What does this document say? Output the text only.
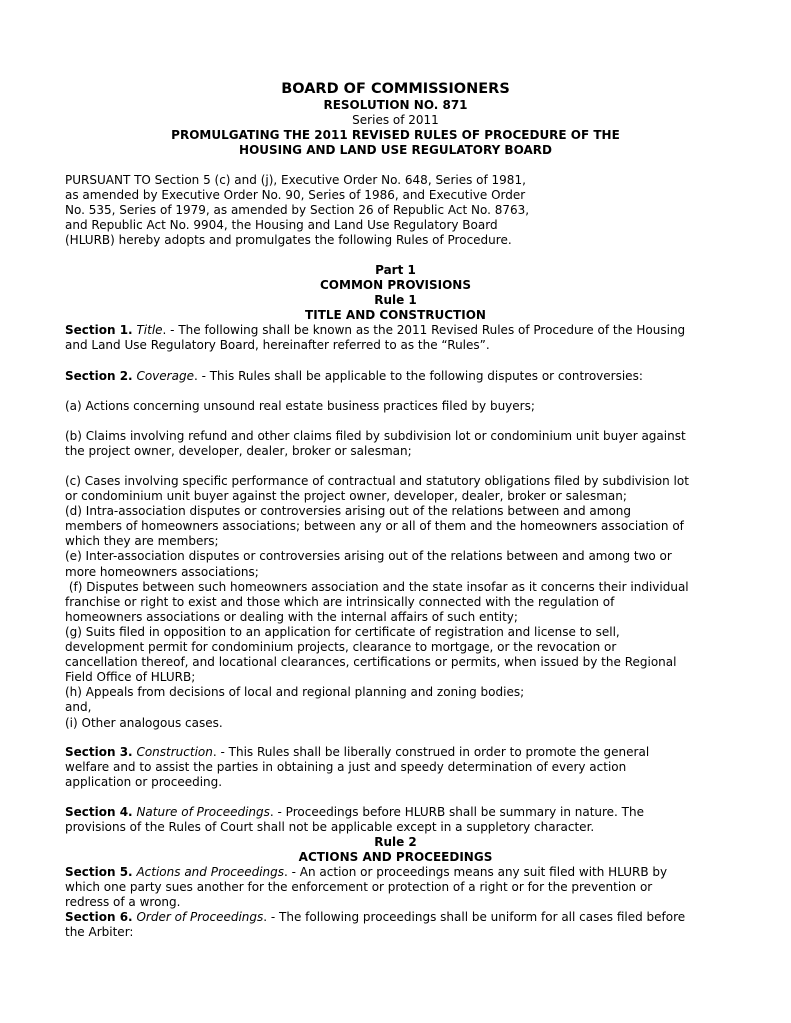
BOARD OF COMMISSIONERS
RESOLUTION NO. 871
Series of 2011
PROMULGATING THE 2011 REVISED RULES OF PROCEDURE OF THE
HOUSING AND LAND USE REGULATORY BOARD
PURSUANT TO Section 5 (c) and (j), Executive Order No. 648, Series of 1981,
as amended by Executive Order No. 90, Series of 1986, and Executive Order
No. 535, Series of 1979, as amended by Section 26 of Republic Act No. 8763,
and Republic Act No. 9904, the Housing and Land Use Regulatory Board
(HLURB) hereby adopts and promulgates the following Rules of Procedure.
Part 1
COMMON PROVISIONS
Rule 1
TITLE AND CONSTRUCTION
Section 1. Title. - The following shall be known as the 2011 Revised Rules of Procedure of the Housing
and Land Use Regulatory Board, hereinafter referred to as the “Rules”.
Section 2. Coverage. - This Rules shall be applicable to the following disputes or controversies:
(a) Actions concerning unsound real estate business practices filed by buyers;
(b) Claims involving refund and other claims filed by subdivision lot or condominium unit buyer against
the project owner, developer, dealer, broker or salesman;
(c) Cases involving specific performance of contractual and statutory obligations filed by subdivision lot
or condominium unit buyer against the project owner, developer, dealer, broker or salesman;
(d) Intra-association disputes or controversies arising out of the relations between and among
members of homeowners associations; between any or all of them and the homeowners association of
which they are members;
(e) Inter-association disputes or controversies arising out of the relations between and among two or
more homeowners associations;
(f) Disputes between such homeowners association and the state insofar as it concerns their individual
franchise or right to exist and those which are intrinsically connected with the regulation of
homeowners associations or dealing with the internal affairs of such entity;
(g) Suits filed in opposition to an application for certificate of registration and license to sell,
development permit for condominium projects, clearance to mortgage, or the revocation or
cancellation thereof, and locational clearances, certifications or permits, when issued by the Regional
Field Office of HLURB;
(h) Appeals from decisions of local and regional planning and zoning bodies;
and,
(i) Other analogous cases.
Section 3. Construction. - This Rules shall be liberally construed in order to promote the general
welfare and to assist the parties in obtaining a just and speedy determination of every action
application or proceeding.
Section 4. Nature of Proceedings. - Proceedings before HLURB shall be summary in nature. The
provisions of the Rules of Court shall not be applicable except in a suppletory character.
Rule 2
ACTIONS AND PROCEEDINGS
Section 5. Actions and Proceedings. - An action or proceedings means any suit filed with HLURB by
which one party sues another for the enforcement or protection of a right or for the prevention or
redress of a wrong.
Section 6. Order of Proceedings. - The following proceedings shall be uniform for all cases filed before
the Arbiter:
